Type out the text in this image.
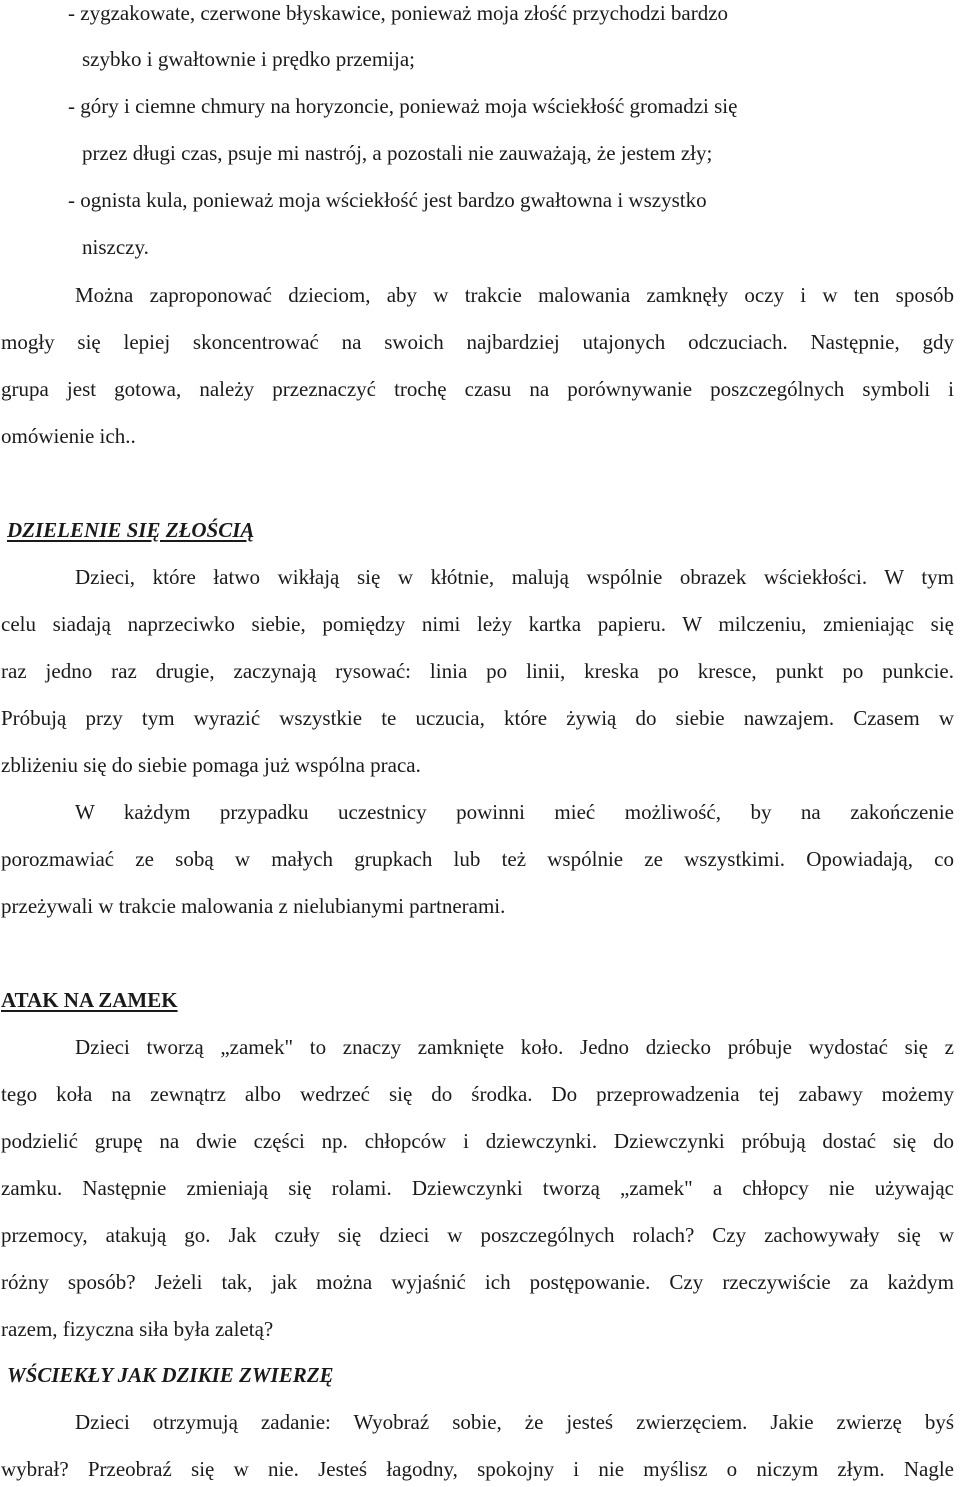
- zygzakowate, czerwone błyskawice, ponieważ moja złość przychodzi bardzo
szybko i gwałtownie i prędko przemija;
- góry i ciemne chmury na horyzoncie, ponieważ moja wściekłość gromadzi się
przez długi czas, psuje mi nastrój, a pozostali nie zauważają, że jestem zły;
- ognista kula, ponieważ moja wściekłość jest bardzo gwałtowna i wszystko
niszczy.
Można zaproponować dzieciom, aby w trakcie malowania zamknęły oczy i w ten sposób
mogły się lepiej skoncentrować na swoich najbardziej utajonych odczuciach. Następnie, gdy
grupa jest gotowa, należy przeznaczyć trochę czasu na porównywanie poszczególnych symboli i
omówienie ich..
DZIELENIE SIĘ ZŁOŚCIĄ
Dzieci, które łatwo wikłają się w kłótnie, malują wspólnie obrazek wściekłości. W tym
celu siadają naprzeciwko siebie, pomiędzy nimi leży kartka papieru. W milczeniu, zmieniając się
raz jedno raz drugie, zaczynają rysować: linia po linii, kreska po kresce, punkt po punkcie.
Próbują przy tym wyrazić wszystkie te uczucia, które żywią do siebie nawzajem. Czasem w
zbliżeniu się do siebie pomaga już wspólna praca.
W każdym przypadku uczestnicy powinni mieć możliwość, by na zakończenie
porozmawiać ze sobą w małych grupkach lub też wspólnie ze wszystkimi. Opowiadają, co
przeżywali w trakcie malowania z nielubianymi partnerami.
ATAK NA ZAMEK
Dzieci tworzą „zamek" to znaczy zamknięte koło. Jedno dziecko próbuje wydostać się z
tego koła na zewnątrz albo wedrzeć się do środka. Do przeprowadzenia tej zabawy możemy
podzielić grupę na dwie części np. chłopców i dziewczynki. Dziewczynki próbują dostać się do
zamku. Następnie zmieniają się rolami. Dziewczynki tworzą „zamek" a chłopcy nie używając
przemocy, atakują go. Jak czuły się dzieci w poszczególnych rolach? Czy zachowywały się w
różny sposób? Jeżeli tak, jak można wyjaśnić ich postępowanie. Czy rzeczywiście za każdym
razem, fizyczna siła była zaletą?
WŚCIEKŁY JAK DZIKIE ZWIERZĘ
Dzieci otrzymują zadanie: Wyobraź sobie, że jesteś zwierzęciem. Jakie zwierzę byś
wybrał? Przeobraź się w nie. Jesteś łagodny, spokojny i nie myślisz o niczym złym. Nagle
